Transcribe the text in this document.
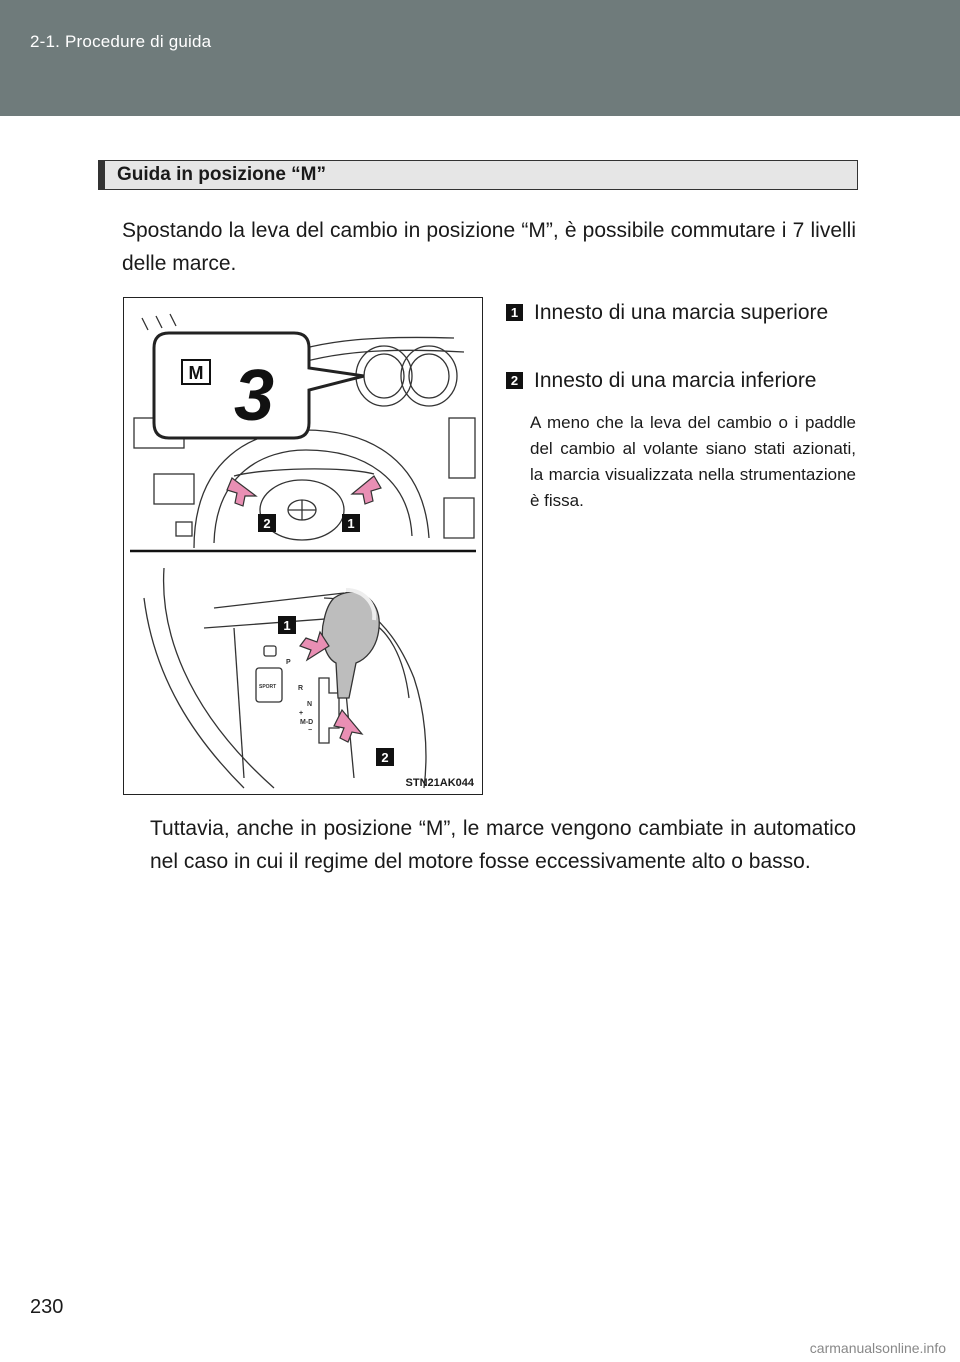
2-1. Procedure di guida
Guida in posizione “M”
Spostando la leva del cambio in posizione “M”, è possibile commutare i 7 livelli delle marce.
M 3
2	1
1
2
P
R
N
+
M-D
−
SPORT
STN21AK044
1 Innesto di una marcia superiore
2 Innesto di una marcia inferiore
A meno che la leva del cambio o i paddle del cambio al volante siano stati azionati, la marcia visualizzata nella strumentazione è fissa.
Tuttavia, anche in posizione “M”, le marce vengono cambiate in automatico nel caso in cui il regime del motore fosse eccessivamente alto o basso.
230
carmanualsonline.info
